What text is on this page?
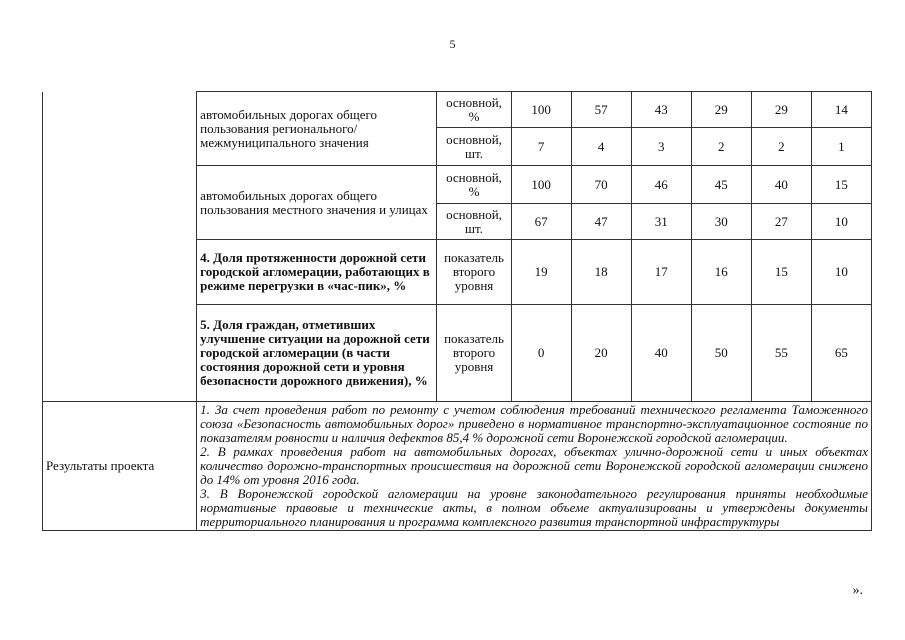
5
	автомобильных дорогах общего пользования регионального/ межмуниципального значения	основной, %	100	57	43	29	29	14
		основной, шт.	7	4	3	2	2	1
	автомобильных дорогах общего пользования местного значения и улицах	основной, %	100	70	46	45	40	15
		основной, шт.	67	47	31	30	27	10
	4. Доля протяженности дорожной сети городской агломерации, работающих в режиме перегрузки в «час-пик», %	показатель второго уровня	19	18	17	16	15	10
	5. Доля граждан, отметивших улучшение ситуации на дорожной сети городской агломерации (в части состояния дорожной сети и уровня безопасности дорожного движения), %	показатель второго уровня	0	20	40	50	55	65
Результаты проекта	1. За счет проведения работ по ремонту с учетом соблюдения требований технического регламента Таможенного союза «Безопасность автомобильных дорог» приведено в нормативное транспортно-эксплуатационное состояние по показателям ровности и наличия дефектов 85,4 % дорожной сети Воронежской городской агломерации.
2. В рамках проведения работ на автомобильных дорогах, объектах улично-дорожной сети и иных объектах количество дорожно-транспортных происшествия на дорожной сети Воронежской городской агломерации снижено до 14% от уровня 2016 года.
3. В Воронежской городской агломерации на уровне законодательного регулирования приняты необходимые нормативные правовые и технические акты, в полном объеме актуализированы и утверждены документы территориального планирования и программа комплексного развития транспортной инфраструктуры							
».
